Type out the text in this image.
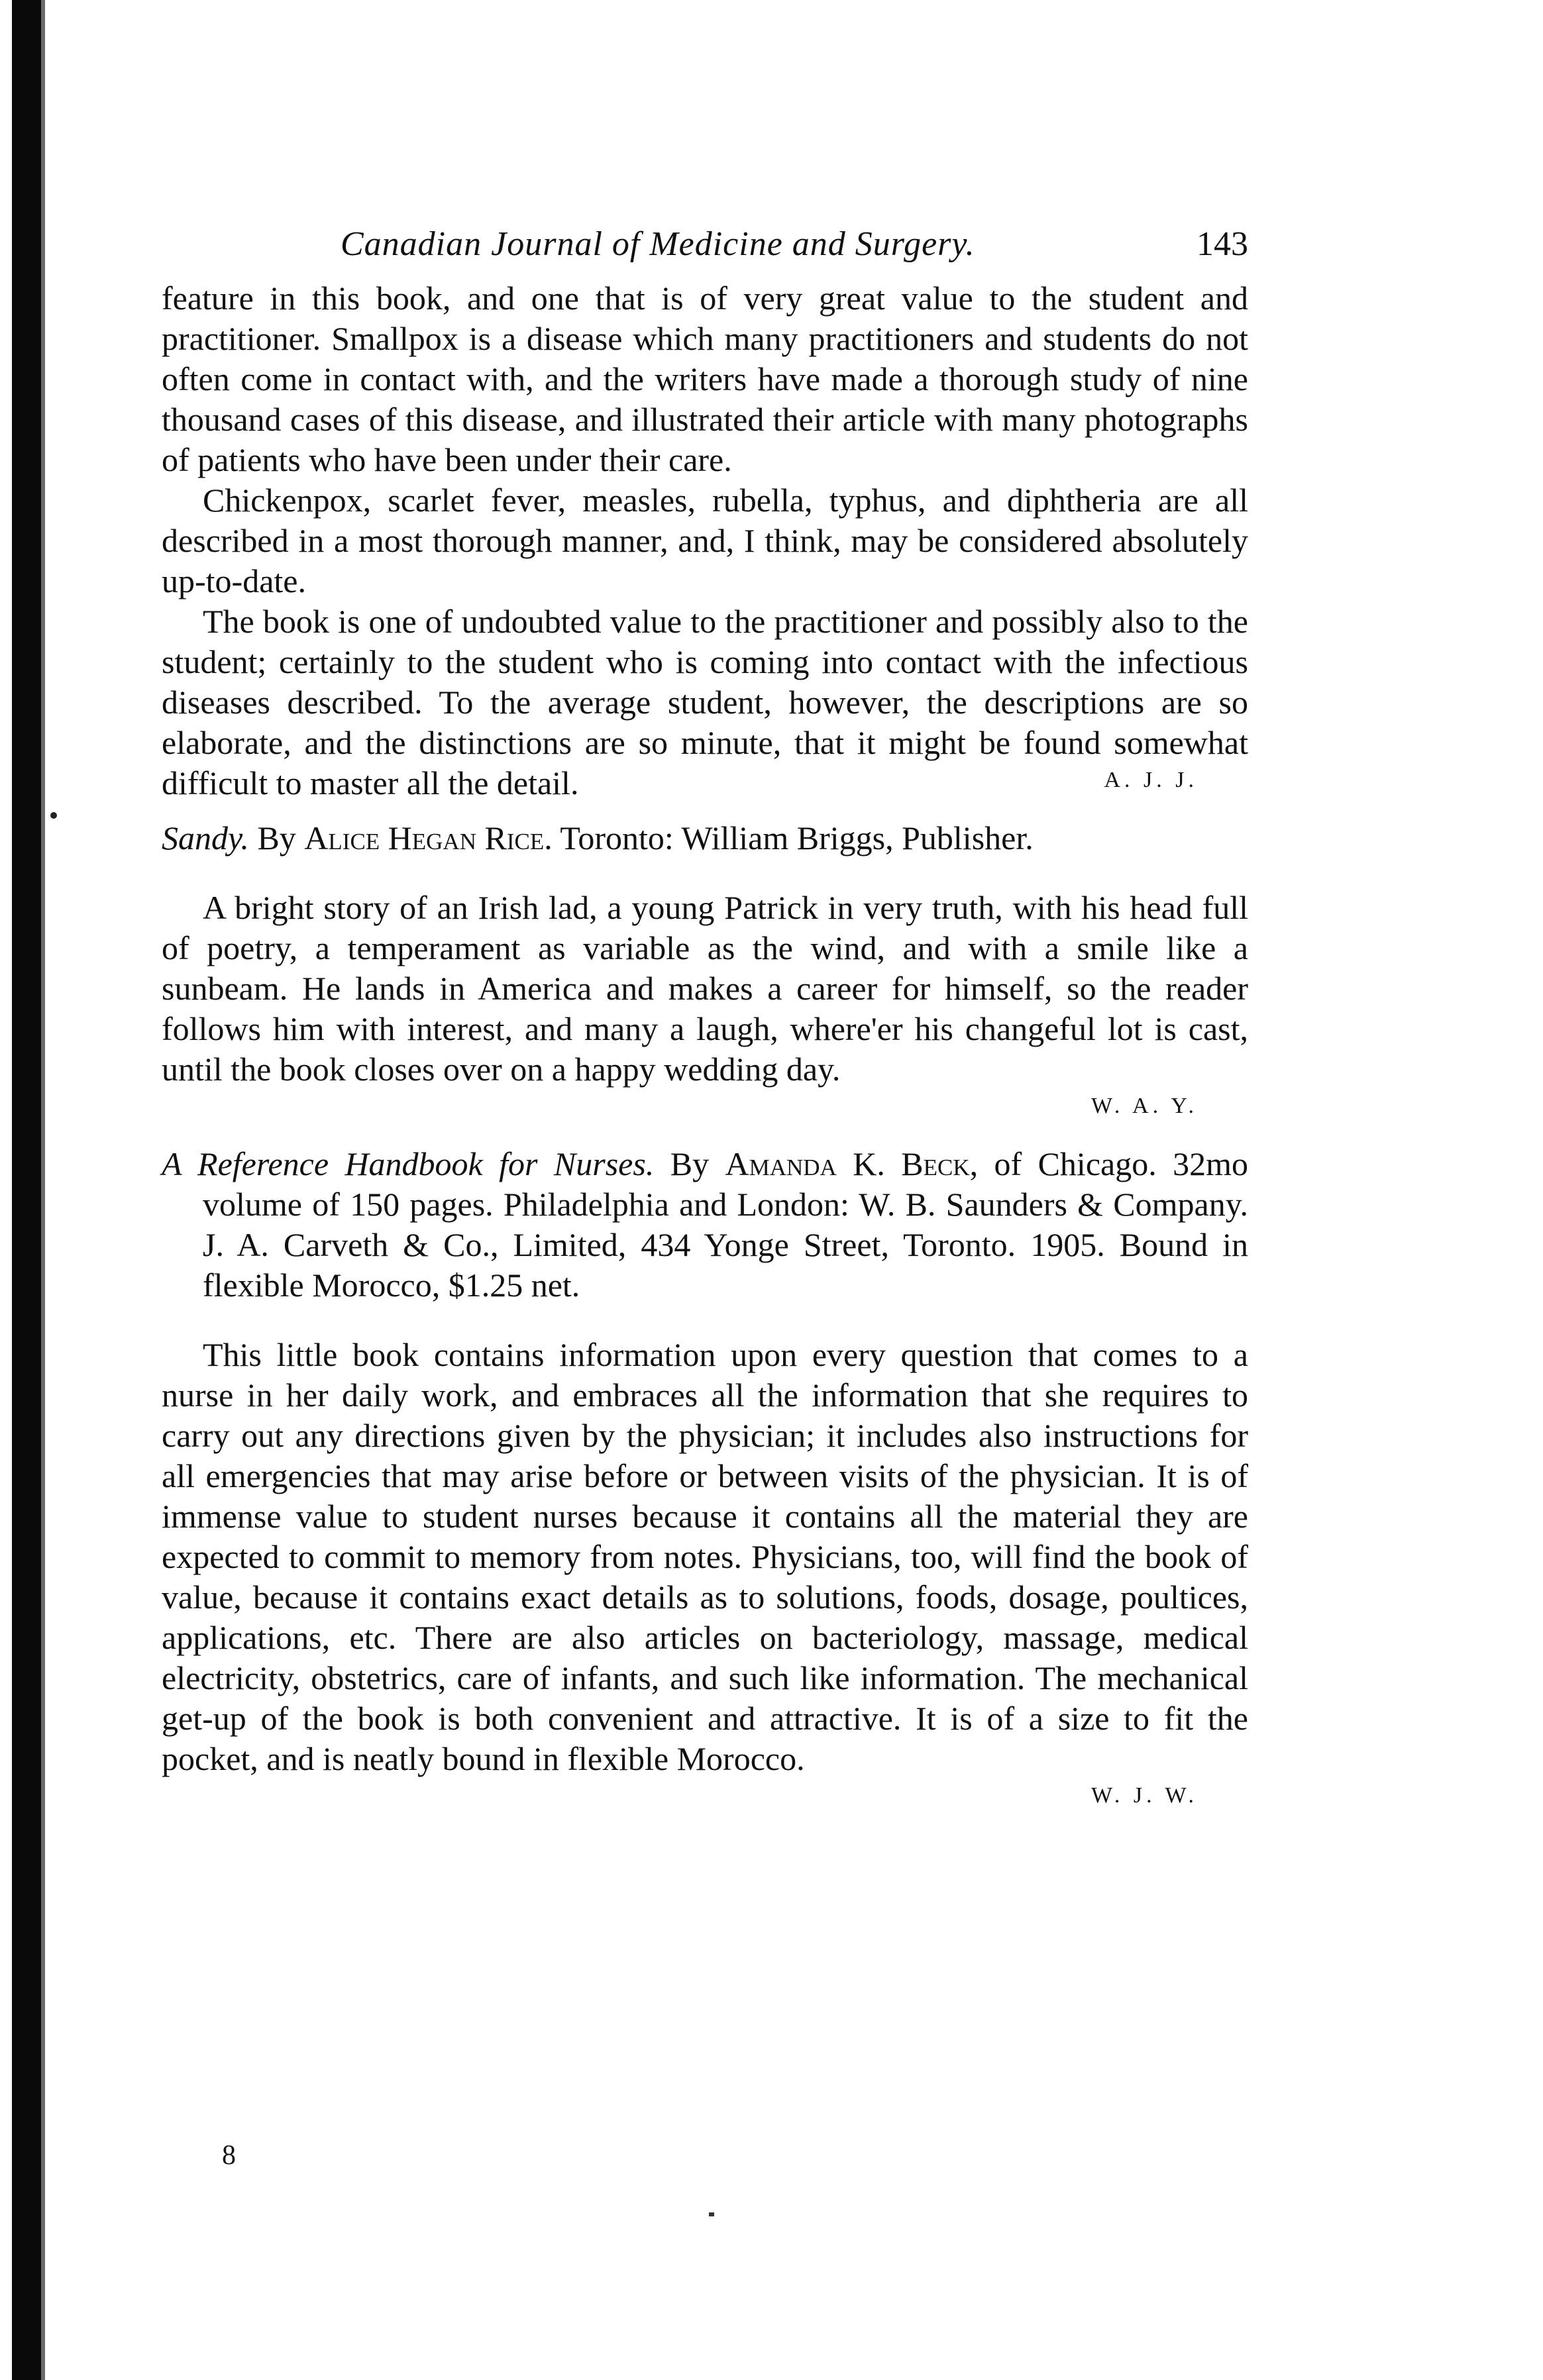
Canadian Journal of Medicine and Surgery.	143

feature in this book, and one that is of very great value to the student and practitioner. Smallpox is a disease which many practitioners and students do not often come in contact with, and the writers have made a thorough study of nine thousand cases of this disease, and illustrated their article with many photographs of patients who have been under their care.

Chickenpox, scarlet fever, measles, rubella, typhus, and diphtheria are all described in a most thorough manner, and, I think, may be considered absolutely up-to-date.

The book is one of undoubted value to the practitioner and possibly also to the student; certainly to the student who is coming into contact with the infectious diseases described. To the average student, however, the descriptions are so elaborate, and the distinctions are so minute, that it might be found somewhat difficult to master all the detail.	A. J. J.

Sandy. By Alice Hegan Rice. Toronto: William Briggs, Publisher.

A bright story of an Irish lad, a young Patrick in very truth, with his head full of poetry, a temperament as variable as the wind, and with a smile like a sunbeam. He lands in America and makes a career for himself, so the reader follows him with interest, and many a laugh, where'er his changeful lot is cast, until the book closes over on a happy wedding day.

W. A. Y.

A Reference Handbook for Nurses. By Amanda K. Beck, of Chicago. 32mo volume of 150 pages. Philadelphia and London: W. B. Saunders & Company. J. A. Carveth & Co., Limited, 434 Yonge Street, Toronto. 1905. Bound in flexible Morocco, $1.25 net.

This little book contains information upon every question that comes to a nurse in her daily work, and embraces all the information that she requires to carry out any directions given by the physician; it includes also instructions for all emergencies that may arise before or between visits of the physician. It is of immense value to student nurses because it contains all the material they are expected to commit to memory from notes. Physicians, too, will find the book of value, because it contains exact details as to solutions, foods, dosage, poultices, applications, etc. There are also articles on bacteriology, massage, medical electricity, obstetrics, care of infants, and such like information. The mechanical get-up of the book is both convenient and attractive. It is of a size to fit the pocket, and is neatly bound in flexible Morocco.

W. J. W.
8
